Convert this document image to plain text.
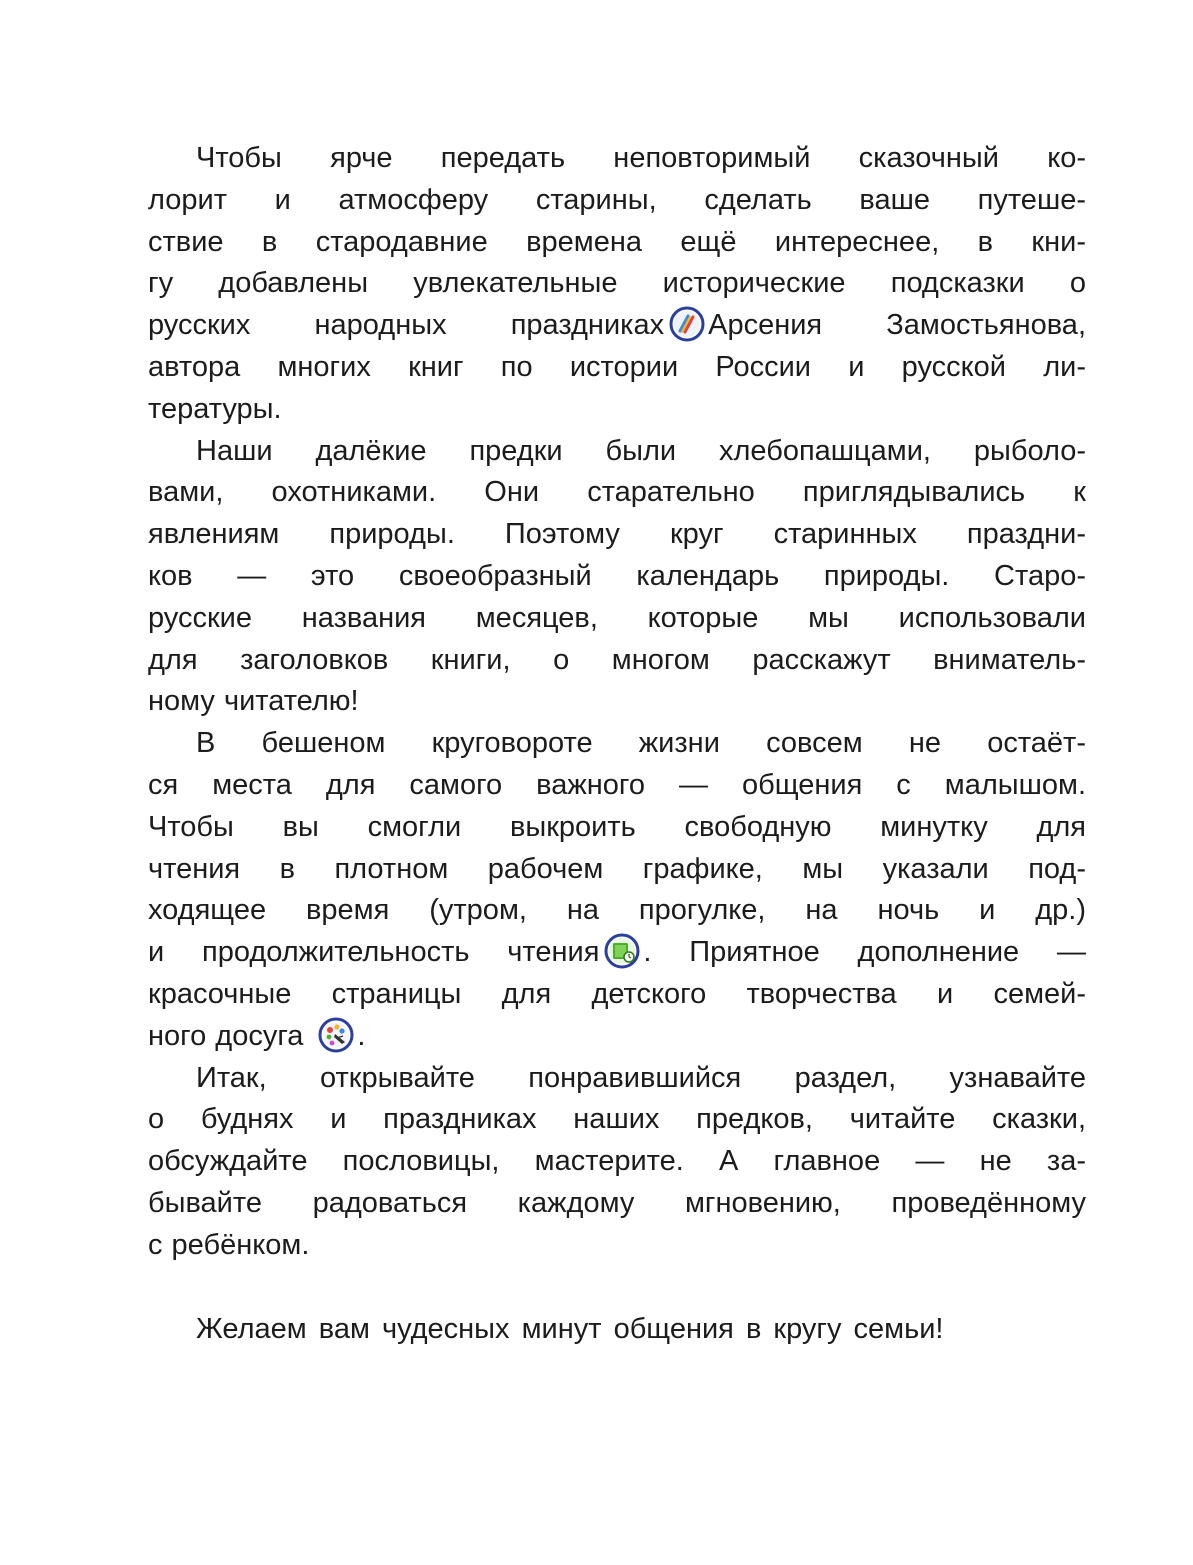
Чтобы ярче передать неповторимый сказочный ко-
лорит и атмосферу старины, сделать ваше путеше-
ствие в стародавние времена ещё интереснее, в кни-
гу добавлены увлекательные исторические подсказки о
русских народных праздниках Арсения Замостьянова,
автора многих книг по истории России и русской ли-
тературы.
Наши далёкие предки были хлебопашцами, рыболо-
вами, охотниками. Они старательно приглядывались к
явлениям природы. Поэтому круг старинных праздни-
ков — это своеобразный календарь природы. Старо-
русские названия месяцев, которые мы использовали
для заголовков книги, о многом расскажут вниматель-
ному читателю!
В бешеном круговороте жизни совсем не остаёт-
ся места для самого важного — общения с малышом.
Чтобы вы смогли выкроить свободную минутку для
чтения в плотном рабочем графике, мы указали под-
ходящее время (утром, на прогулке, на ночь и др.)
и продолжительность чтения . Приятное дополнение —
красочные страницы для детского творчества и семей-
ного досуга .
Итак, открывайте понравившийся раздел, узнавайте
о буднях и праздниках наших предков, читайте сказки,
обсуждайте пословицы, мастерите. А главное — не за-
бывайте радоваться каждому мгновению, проведённому
с ребёнком.
Желаем вам чудесных минут общения в кругу семьи!
